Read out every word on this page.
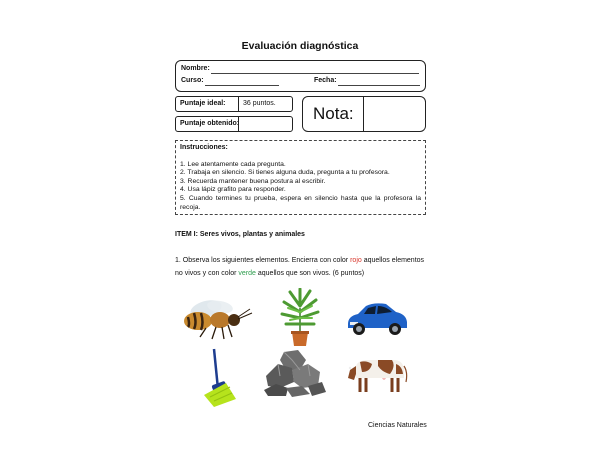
Evaluación diagnóstica
Nombre:
Curso:	Fecha:
Puntaje ideal: 36 puntos.
Puntaje obtenido:
Nota:

Instrucciones:

1. Lee atentamente cada pregunta.

2. Trabaja en silencio. Si tienes alguna duda, pregunta a tu profesora.

3. Recuerda mantener buena postura al escribir.

4. Usa lápiz grafito para responder.

5. Cuando termines tu prueba, espera en silencio hasta que la profesora la recoja.

ITEM I: Seres vivos, plantas y animales
1. Observa los siguientes elementos. Encierra con color rojo aquellos elementos
no vivos y con color verde aquellos que son vivos. (6 puntos)
Ciencias Naturales
